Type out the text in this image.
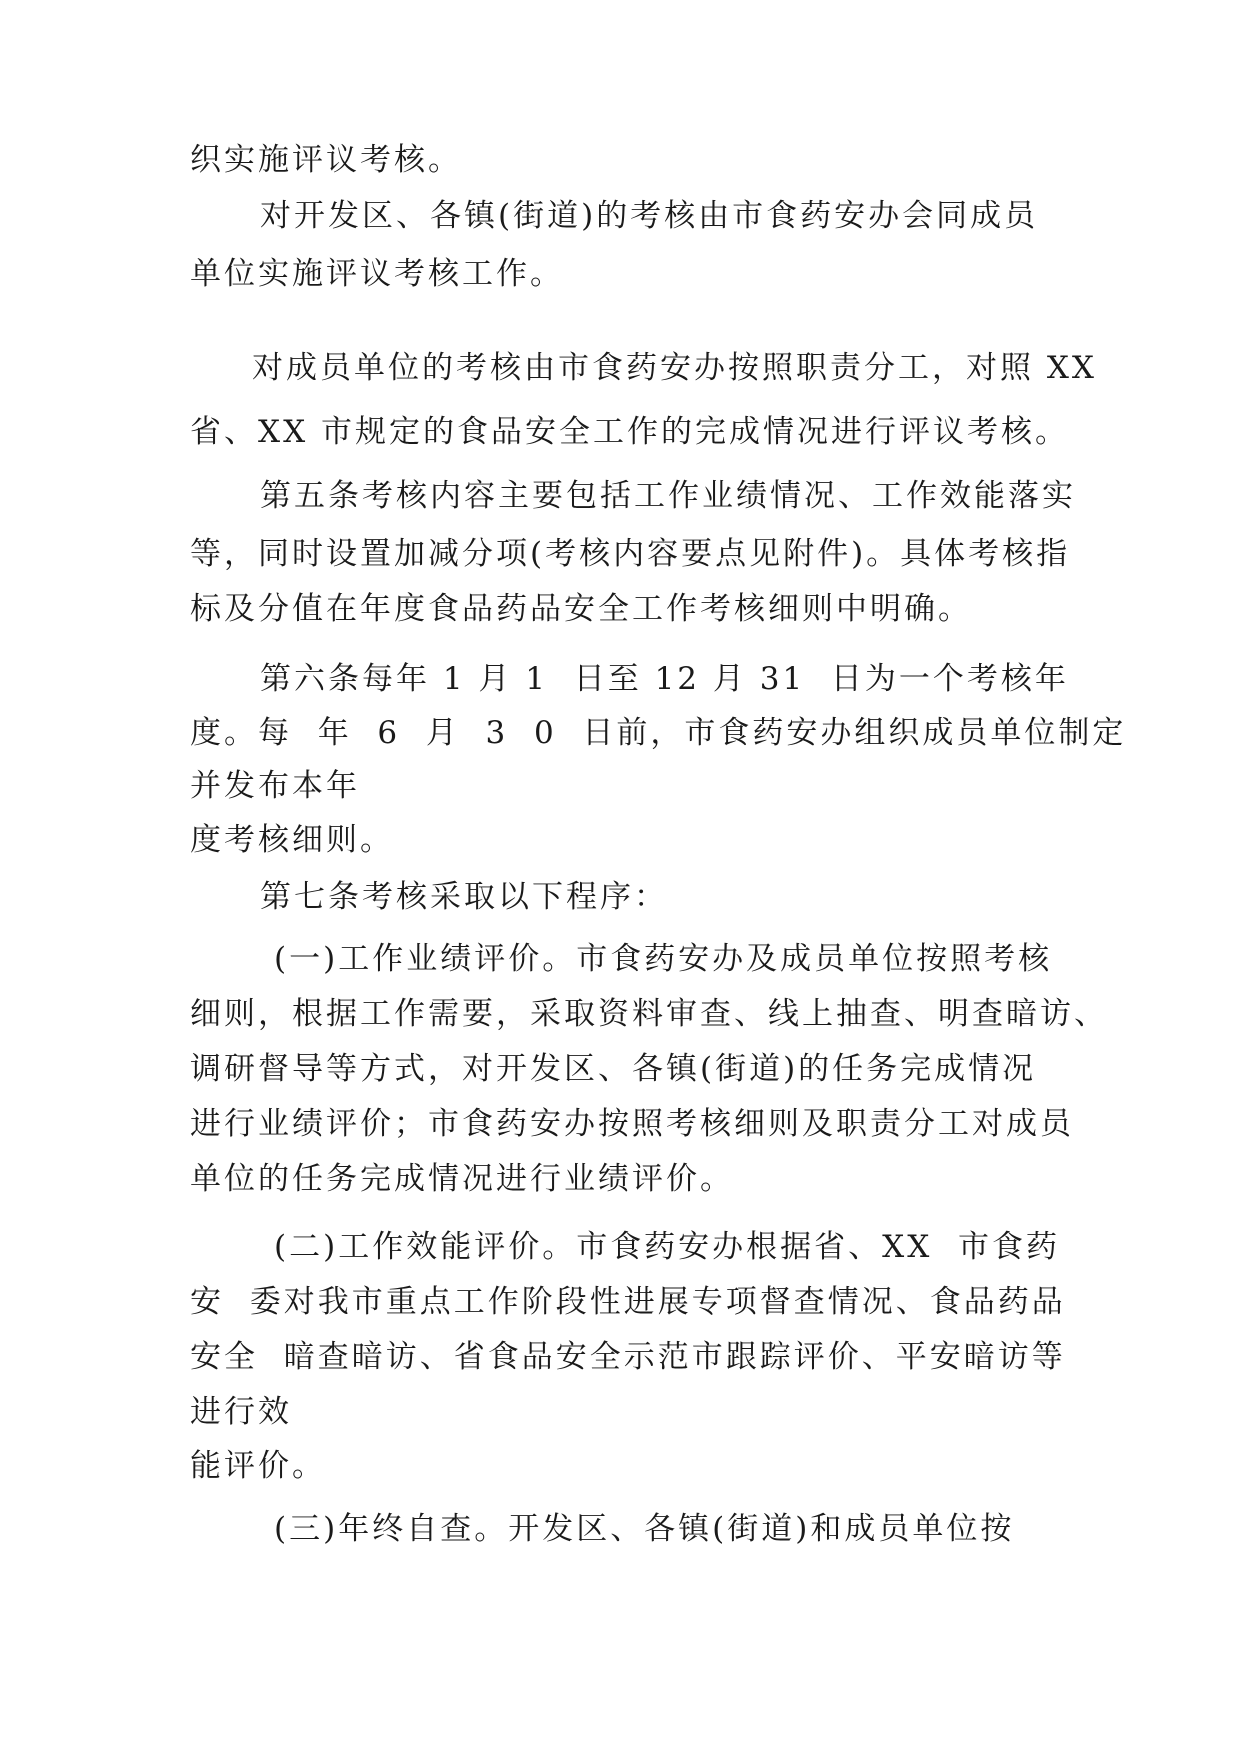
织实施评议考核。
对开发区、各镇(街道)的考核由市食药安办会同成员
单位实施评议考核工作。
对成员单位的考核由市食药安办按照职责分工，对照 XX
省、XX 市规定的食品安全工作的完成情况进行评议考核。
第五条考核内容主要包括工作业绩情况、工作效能落实
等，同时设置加减分项(考核内容要点见附件)。具体考核指
标及分值在年度食品药品安全工作考核细则中明确。
第六条每年 1 月 1  日至 12 月 31  日为一个考核年
度。每  年  6  月  3  0  日前，市食药安办组织成员单位制定
并发布本年
度考核细则。
第七条考核采取以下程序：
(一)工作业绩评价。市食药安办及成员单位按照考核
细则，根据工作需要，采取资料审查、线上抽查、明查暗访、
调研督导等方式，对开发区、各镇(街道)的任务完成情况
进行业绩评价；市食药安办按照考核细则及职责分工对成员
单位的任务完成情况进行业绩评价。
(二)工作效能评价。市食药安办根据省、XX  市食药
安  委对我市重点工作阶段性进展专项督查情况、食品药品
安全  暗查暗访、省食品安全示范市跟踪评价、平安暗访等
进行效
能评价。
(三)年终自查。开发区、各镇(街道)和成员单位按
